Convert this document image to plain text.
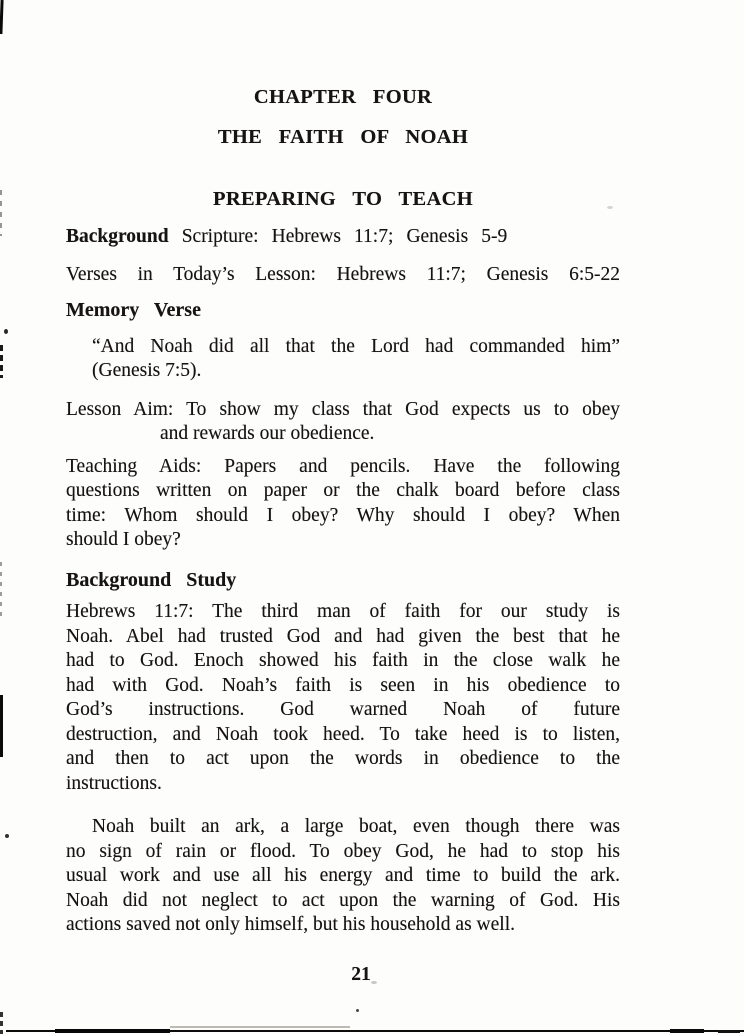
CHAPTER FOUR
THE FAITH OF NOAH
PREPARING TO TEACH

Background Scripture: Hebrews 11:7; Genesis 5-9

Verses in Today’s Lesson: Hebrews 11:7; Genesis 6:5-22

Memory Verse

“And Noah did all that the Lord had commanded him”
(Genesis 7:5).
Lesson Aim: To show my class that God expects us to obey
and rewards our obedience.
Teaching Aids: Papers and pencils. Have the following
questions written on paper or the chalk board before class
time: Whom should I obey? Why should I obey? When
should I obey?

Background Study

Hebrews 11:7: The third man of faith for our study is
Noah. Abel had trusted God and had given the best that he
had to God. Enoch showed his faith in the close walk he
had with God. Noah’s faith is seen in his obedience to
God’s instructions. God warned Noah of future
destruction, and Noah took heed. To take heed is to listen,
and then to act upon the words in obedience to the
instructions.
Noah built an ark, a large boat, even though there was
no sign of rain or flood. To obey God, he had to stop his
usual work and use all his energy and time to build the ark.
Noah did not neglect to act upon the warning of God. His
actions saved not only himself, but his household as well.
21
